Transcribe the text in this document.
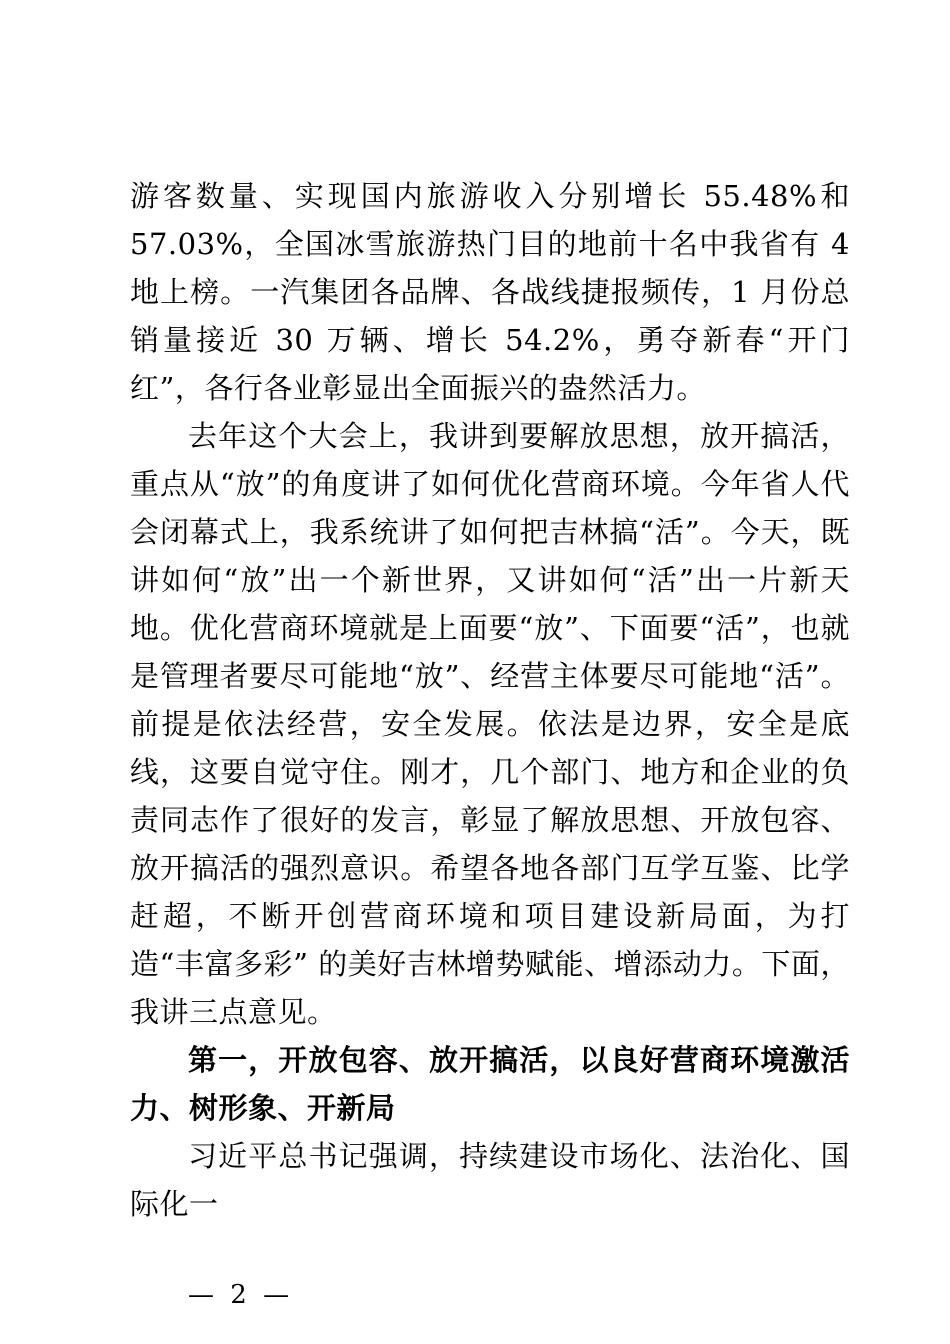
游客数量、实现国内旅游收入分别增长 55.48%和 57.03%，全国冰雪旅游热门目的地前十名中我省有 4 地上榜。一汽集团各品牌、各战线捷报频传，1 月份总销量接近 30 万辆、增长 54.2%，勇夺新春“开门红”，各行各业彰显出全面振兴的盎然活力。

去年这个大会上，我讲到要解放思想，放开搞活，重点从“放”的角度讲了如何优化营商环境。今年省人代会闭幕式上，我系统讲了如何把吉林搞“活”。今天，既讲如何“放”出一个新世界，又讲如何“活”出一片新天地。优化营商环境就是上面要“放”、下面要“活”，也就是管理者要尽可能地“放”、经营主体要尽可能地“活”。前提是依法经营，安全发展。依法是边界，安全是底线，这要自觉守住。刚才，几个部门、地方和企业的负责同志作了很好的发言，彰显了解放思想、开放包容、放开搞活的强烈意识。希望各地各部门互学互鉴、比学赶超，不断开创营商环境和项目建设新局面，为打造“丰富多彩” 的美好吉林增势赋能、增添动力。下面，我讲三点意见。

第一，开放包容、放开搞活，以良好营商环境激活力、树形象、开新局

习近平总书记强调，持续建设市场化、法治化、国际化一

— 2 —
